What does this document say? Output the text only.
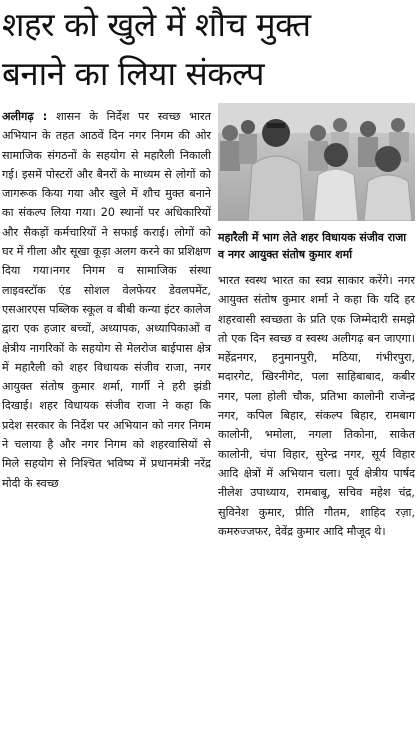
शहर को खुले में शौच मुक्त
बनाने का लिया संकल्प
अलीगढ़ : शासन के निर्देश पर स्वच्छ भारत अभियान के तहत आठवें दिन नगर निगम की ओर सामाजिक संगठनों के सहयोग से महारैली निकाली गई। इसमें पोस्टरों और बैनरों के माध्यम से लोगों को जागरूक किया गया और खुले में शौच मुक्त बनाने का संकल्प लिया गया। 20 स्थानों पर अधिकारियों और सैकड़ों कर्मचारियों ने सफाई कराई। लोगों को घर में गीला और सूखा कूड़ा अलग करने का प्रशिक्षण दिया गया।नगर निगम व सामाजिक संस्था लाइवस्टॉक एंड सोशल वेलफेयर डेवलपमेंट, एसआरएस पब्लिक स्कूल व बीबी कन्या इंटर कालेज द्वारा एक हजार बच्चों, अध्यापक, अध्यापिकाओं व क्षेत्रीय नागरिकों के सहयोग से मेलरोज बाईपास क्षेत्र में महारैली को शहर विधायक संजीव राजा, नगर आयुक्त संतोष कुमार शर्मा, गार्गी ने हरी झंडी दिखाई। शहर विधायक संजीव राजा ने कहा कि प्रदेश सरकार के निर्देश पर अभियान को नगर निगम ने चलाया है और नगर निगम को शहरवासियों से मिले सहयोग से निश्चित भविष्य में प्रधानमंत्री नरेंद्र मोदी के स्वच्छ
महारैली में भाग लेते शहर विधायक संजीव राजा व नगर आयुक्त संतोष कुमार शर्मा
भारत स्वस्थ भारत का स्वप्न साकार करेंगे। नगर आयुक्त संतोष कुमार शर्मा ने कहा कि यदि हर शहरवासी स्वच्छता के प्रति एक जिम्मेदारी समझे तो एक दिन स्वच्छ व स्वस्थ अलीगढ़ बन जाएगा। महेंद्रनगर, हनुमानपुरी, मठिया, गंभीरपुरा, मदारगेट, खिरनीगेट, पला साहिबाबाद, कबीर नगर, पला होली चौक, प्रतिभा कालोनी राजेन्द्र नगर, कपिल बिहार, संकल्प बिहार, रामबाग कालोनी, भमोला, नगला तिकोना, साकेत कालोनी, चंपा विहार, सुरेन्द्र नगर, सूर्य विहार आदि क्षेत्रों में अभियान चला। पूर्व क्षेत्रीय पार्षद नीलेश उपाध्याय, रामबाबू, सचिव महेश चंद्र, सुविनेश कुमार, प्रीति गौतम, शाहिद रज़ा, कमरुज्जफर, देवेंद्र कुमार आदि मौजूद थे।
